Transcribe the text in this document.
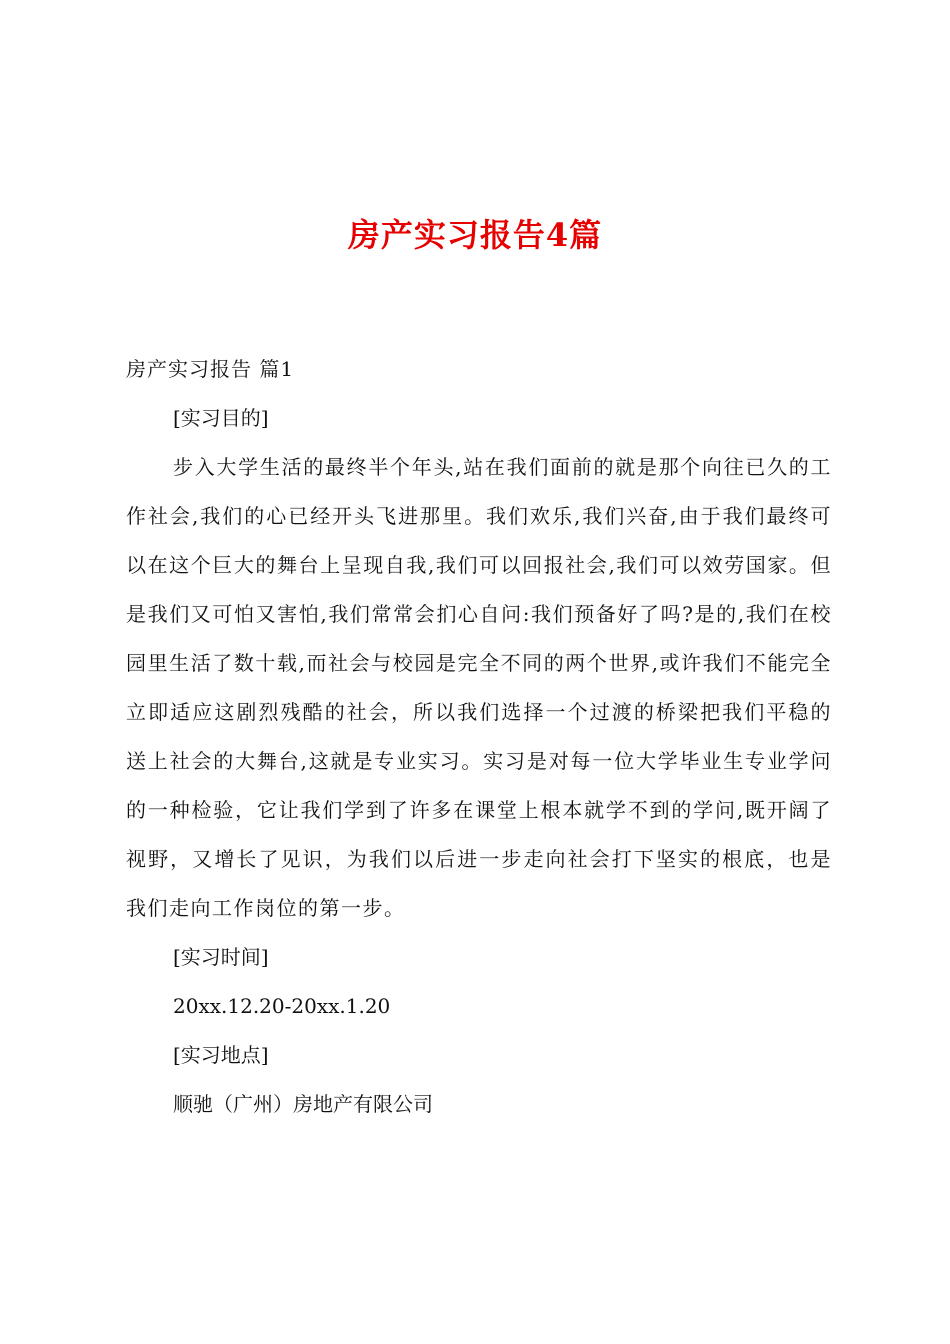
房产实习报告4篇
房产实习报告 篇1
[实习目的]

步入大学生活的最终半个年头,站在我们面前的就是那个向往已久的工作社会,我们的心已经开头飞进那里。我们欢乐,我们兴奋,由于我们最终可以在这个巨大的舞台上呈现自我,我们可以回报社会,我们可以效劳国家。但是我们又可怕又害怕,我们常常会扪心自问:我们预备好了吗?是的,我们在校园里生活了数十载,而社会与校园是完全不同的两个世界,或许我们不能完全立即适应这剧烈残酷的社会，所以我们选择一个过渡的桥梁把我们平稳的送上社会的大舞台,这就是专业实习。实习是对每一位大学毕业生专业学问的一种检验，它让我们学到了许多在课堂上根本就学不到的学问,既开阔了视野，又增长了见识，为我们以后进一步走向社会打下坚实的根底，也是我们走向工作岗位的第一步。

[实习时间]
20xx.12.20-20xx.1.20
[实习地点]
顺驰（广州）房地产有限公司
